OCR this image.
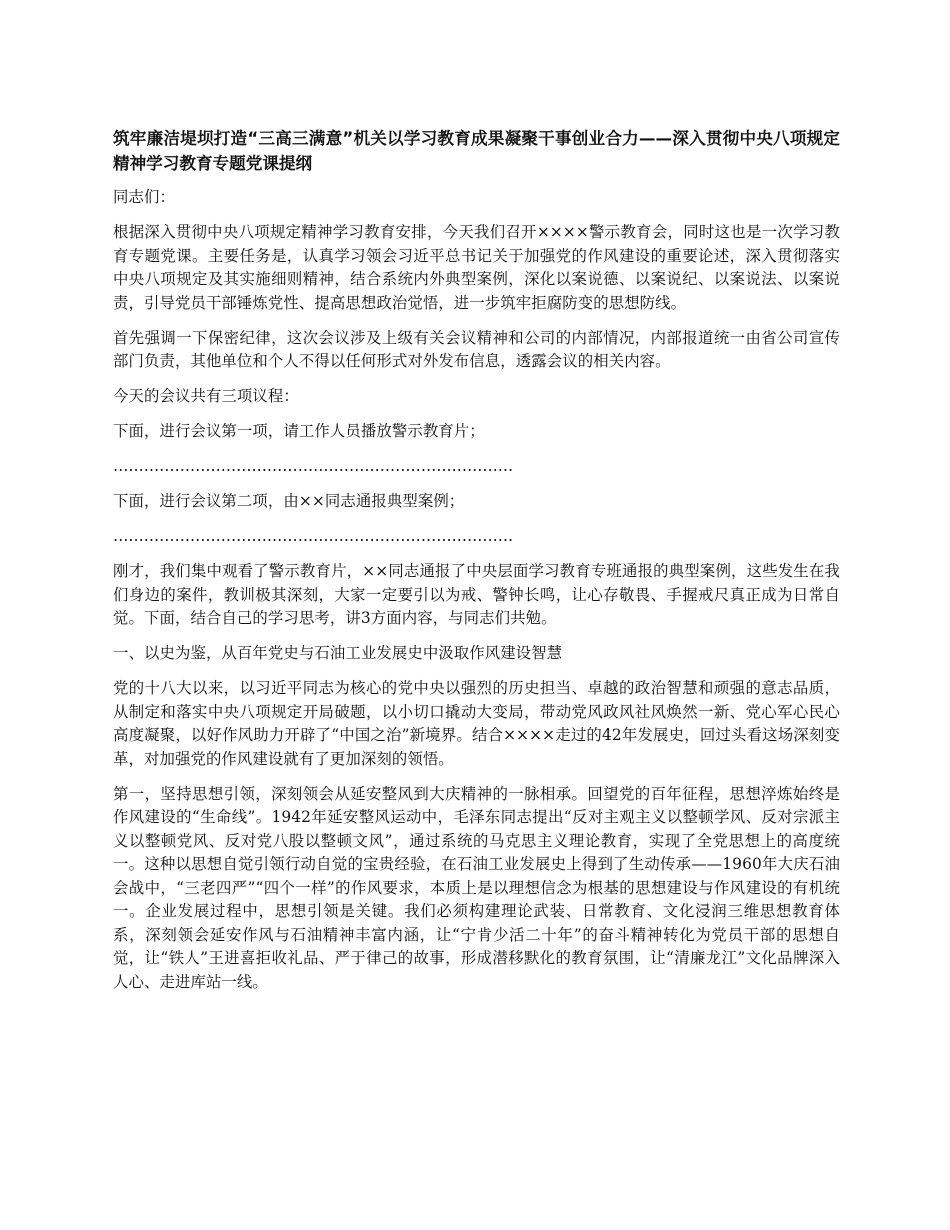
筑牢廉洁堤坝打造“三高三满意”机关以学习教育成果凝聚干事创业合力——深入贯彻中央八项规定精神学习教育专题党课提纲
同志们：
根据深入贯彻中央八项规定精神学习教育安排，今天我们召开××××警示教育会，同时这也是一次学习教育专题党课。主要任务是，认真学习领会习近平总书记关于加强党的作风建设的重要论述，深入贯彻落实中央八项规定及其实施细则精神，结合系统内外典型案例，深化以案说德、以案说纪、以案说法、以案说责，引导党员干部锤炼党性、提高思想政治觉悟，进一步筑牢拒腐防变的思想防线。
首先强调一下保密纪律，这次会议涉及上级有关会议精神和公司的内部情况，内部报道统一由省公司宣传部门负责，其他单位和个人不得以任何形式对外发布信息，透露会议的相关内容。
今天的会议共有三项议程：
下面，进行会议第一项，请工作人员播放警示教育片；
……………………………………………………………………
下面，进行会议第二项，由××同志通报典型案例；
……………………………………………………………………
刚才，我们集中观看了警示教育片，××同志通报了中央层面学习教育专班通报的典型案例，这些发生在我们身边的案件，教训极其深刻，大家一定要引以为戒、警钟长鸣，让心存敬畏、手握戒尺真正成为日常自觉。下面，结合自己的学习思考，讲3方面内容，与同志们共勉。
一、以史为鉴，从百年党史与石油工业发展史中汲取作风建设智慧
党的十八大以来，以习近平同志为核心的党中央以强烈的历史担当、卓越的政治智慧和顽强的意志品质，从制定和落实中央八项规定开局破题，以小切口撬动大变局，带动党风政风社风焕然一新、党心军心民心高度凝聚，以好作风助力开辟了“中国之治”新境界。结合××××走过的42年发展史，回过头看这场深刻变革，对加强党的作风建设就有了更加深刻的领悟。
第一，坚持思想引领，深刻领会从延安整风到大庆精神的一脉相承。回望党的百年征程，思想淬炼始终是作风建设的“生命线”。1942年延安整风运动中，毛泽东同志提出“反对主观主义以整顿学风、反对宗派主义以整顿党风、反对党八股以整顿文风”，通过系统的马克思主义理论教育，实现了全党思想上的高度统一。这种以思想自觉引领行动自觉的宝贵经验，在石油工业发展史上得到了生动传承——1960年大庆石油会战中，“三老四严”“四个一样”的作风要求，本质上是以理想信念为根基的思想建设与作风建设的有机统一。企业发展过程中，思想引领是关键。我们必须构建理论武装、日常教育、文化浸润三维思想教育体系，深刻领会延安作风与石油精神丰富内涵，让“宁肯少活二十年”的奋斗精神转化为党员干部的思想自觉，让“铁人”王进喜拒收礼品、严于律己的故事，形成潜移默化的教育氛围，让“清廉龙江”文化品牌深入人心、走进库站一线。
